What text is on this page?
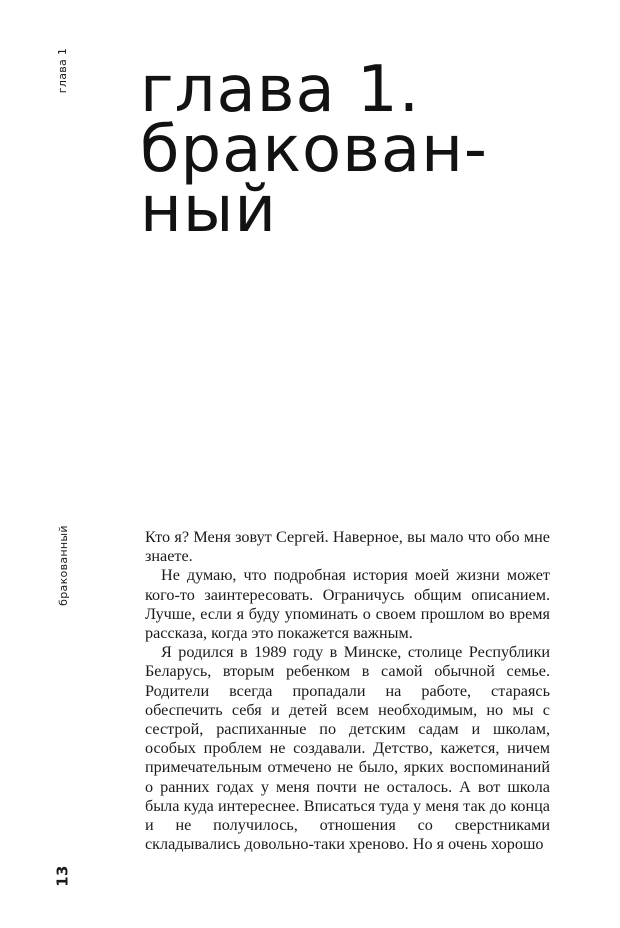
глава 1
бракованный
13
глава 1.
бракован-
ный

Кто я? Меня зовут Сергей. Наверное, вы мало что обо мне знаете.

Не думаю, что подробная история моей жизни может кого-то заинтересовать. Ограничусь общим описанием. Лучше, если я буду упоминать о своем прошлом во время рассказа, когда это покажется важным.

Я родился в 1989 году в Минске, столице Республики Беларусь, вторым ребенком в самой обычной семье. Родители всегда пропадали на работе, стараясь обеспечить себя и детей всем необходимым, но мы с сестрой, распиханные по детским садам и школам, особых проблем не создавали. Детство, кажется, ничем примечательным отмечено не было, ярких воспоминаний о ранних годах у меня почти не осталось. А вот школа была куда интереснее. Вписаться туда у меня так до конца и не получилось, отношения со сверстниками складывались довольно-таки хреново. Но я очень хорошо
